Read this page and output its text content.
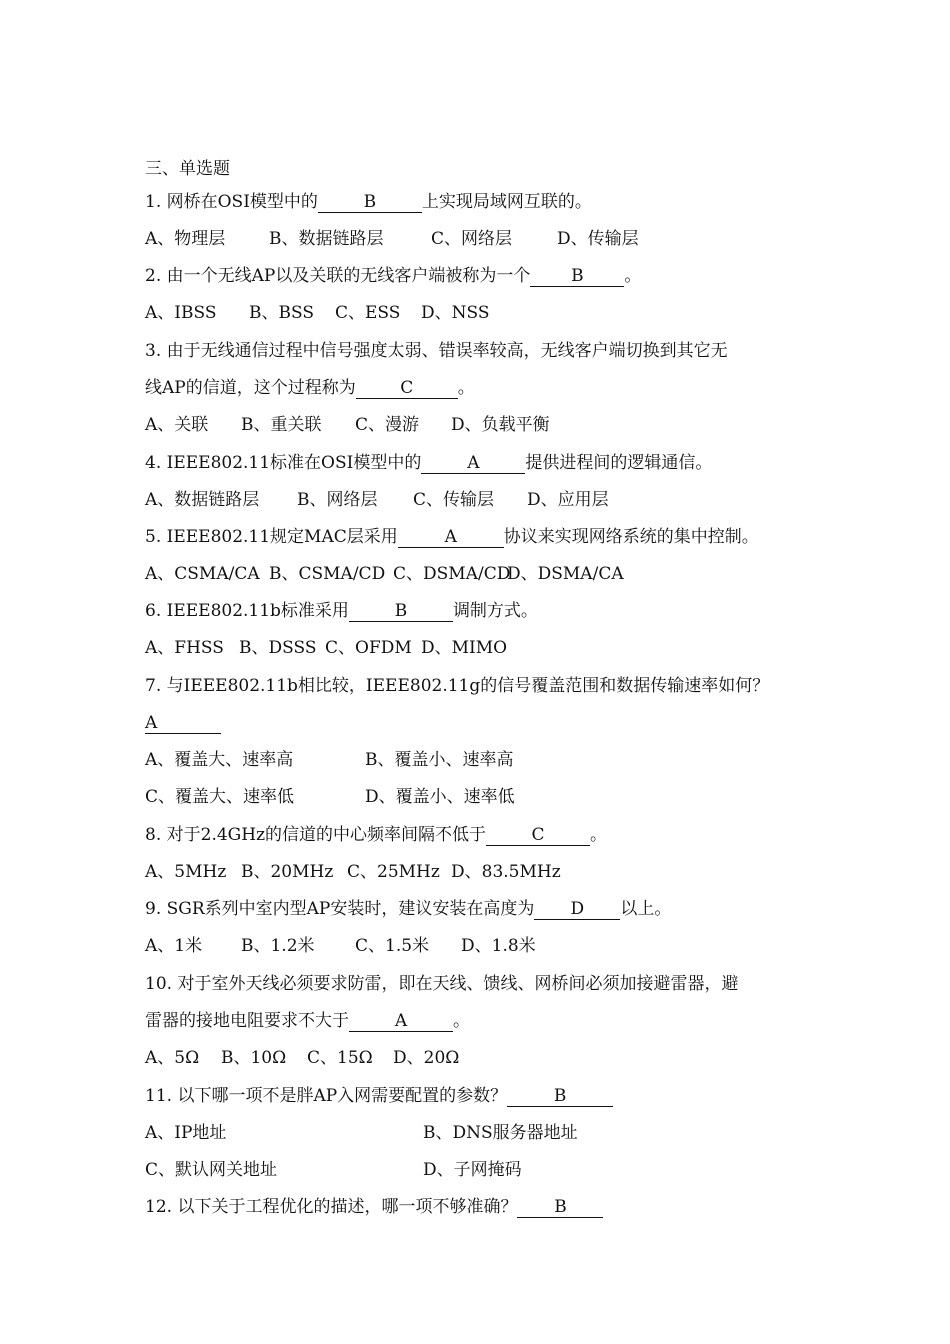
三、单选题
1. 网桥在OSI模型中的	B	上实现局域网互联的。
A、物理层	B、数据链路层	C、网络层	D、传输层
2. 由一个无线AP以及关联的无线客户端被称为一个 B 。
A、IBSS B、BSS C、ESS D、NSS
3. 由于无线通信过程中信号强度太弱、错误率较高，无线客户端切换到其它无
线AP的信道，这个过程称为	C	。
A、关联 B、重关联 C、漫游 D、负载平衡
4. IEEE802.11标准在OSI模型中的	A	提供进程间的逻辑通信。
A、数据链路层 B、网络层 C、传输层 D、应用层
5. IEEE802.11规定MAC层采用	A	协议来实现网络系统的集中控制。
A、CSMA/CA B、CSMA/CD C、DSMA/CDD、DSMA/CA
6. IEEE802.11b标准采用	B	调制方式。
A、FHSS B、DSSS C、OFDM D、MIMO
7. 与IEEE802.11b相比较，IEEE802.11g的信号覆盖范围和数据传输速率如何？
A
A、覆盖大、速率高	B、覆盖小、速率高
C、覆盖大、速率低	D、覆盖小、速率低
8. 对于2.4GHz的信道的中心频率间隔不低于	C	。
A、5MHz B、20MHz C、25MHz D、83.5MHz
9. SGR系列中室内型AP安装时，建议安装在高度为 D 以上。
A、1米 B、1.2米 C、1.5米 D、1.8米
10. 对于室外天线必须要求防雷，即在天线、馈线、网桥间必须加接避雷器，避
雷器的接地电阻要求不大于	A	。
A、5Ω B、10Ω C、15Ω D、20Ω
11. 以下哪一项不是胖AP入网需要配置的参数？	B
A、IP地址	B、DNS服务器地址
C、默认网关地址	D、子网掩码
12. 以下关于工程优化的描述，哪一项不够准确？ B
